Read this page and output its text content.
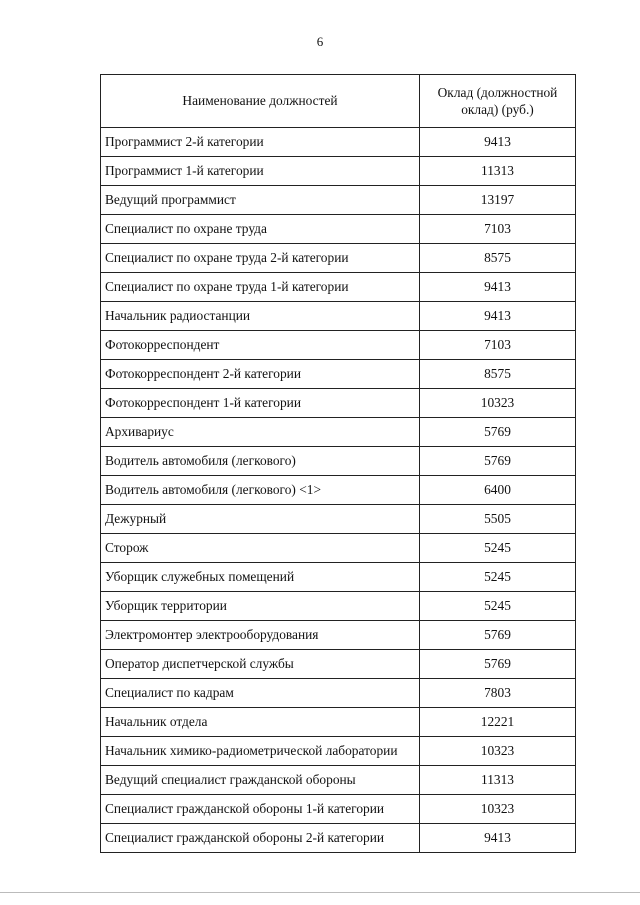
6
Наименование должностей	Оклад (должностной оклад) (руб.)
Программист 2-й категории	9413
Программист 1-й категории	11313
Ведущий программист	13197
Специалист по охране труда	7103
Специалист по охране труда 2-й категории	8575
Специалист по охране труда 1-й категории	9413
Начальник радиостанции	9413
Фотокорреспондент	7103
Фотокорреспондент 2-й категории	8575
Фотокорреспондент 1-й категории	10323
Архивариус	5769
Водитель автомобиля (легкового)	5769
Водитель автомобиля (легкового) <1>	6400
Дежурный	5505
Сторож	5245
Уборщик служебных помещений	5245
Уборщик территории	5245
Электромонтер электрооборудования	5769
Оператор диспетчерской службы	5769
Специалист по кадрам	7803
Начальник отдела	12221
Начальник химико-радиометрической лаборатории	10323
Ведущий специалист гражданской обороны	11313
Специалист гражданской обороны 1-й категории	10323
Специалист гражданской обороны 2-й категории	9413
